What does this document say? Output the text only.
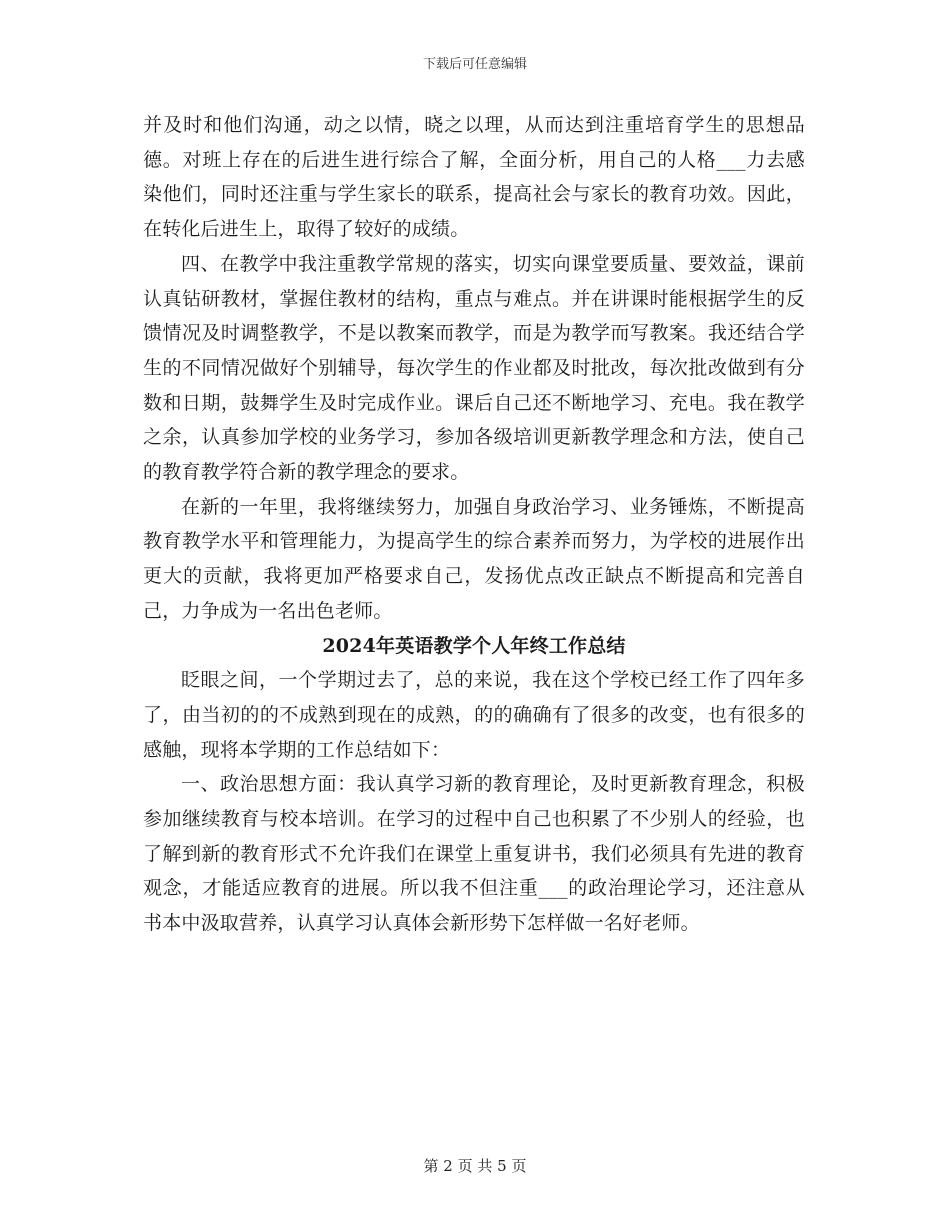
下载后可任意编辑

并及时和他们沟通，动之以情，晓之以理，从而达到注重培育学生的思想品德。对班上存在的后进生进行综合了解，全面分析，用自己的人格___力去感染他们，同时还注重与学生家长的联系，提高社会与家长的教育功效。因此，在转化后进生上，取得了较好的成绩。

四、在教学中我注重教学常规的落实，切实向课堂要质量、要效益，课前认真钻研教材，掌握住教材的结构，重点与难点。并在讲课时能根据学生的反馈情况及时调整教学，不是以教案而教学，而是为教学而写教案。我还结合学生的不同情况做好个别辅导，每次学生的作业都及时批改，每次批改做到有分数和日期，鼓舞学生及时完成作业。课后自己还不断地学习、充电。我在教学之余，认真参加学校的业务学习，参加各级培训更新教学理念和方法，使自己的教育教学符合新的教学理念的要求。

在新的一年里，我将继续努力，加强自身政治学习、业务锤炼，不断提高教育教学水平和管理能力，为提高学生的综合素养而努力，为学校的进展作出更大的贡献，我将更加严格要求自己，发扬优点改正缺点不断提高和完善自己，力争成为一名出色老师。

2024年英语教学个人年终工作总结

眨眼之间，一个学期过去了，总的来说，我在这个学校已经工作了四年多了，由当初的的不成熟到现在的成熟，的的确确有了很多的改变，也有很多的感触，现将本学期的工作总结如下：

一、政治思想方面：我认真学习新的教育理论，及时更新教育理念，积极参加继续教育与校本培训。在学习的过程中自己也积累了不少别人的经验，也了解到新的教育形式不允许我们在课堂上重复讲书，我们必须具有先进的教育观念，才能适应教育的进展。所以我不但注重___的政治理论学习，还注意从书本中汲取营养，认真学习认真体会新形势下怎样做一名好老师。

第 2 页 共 5 页
